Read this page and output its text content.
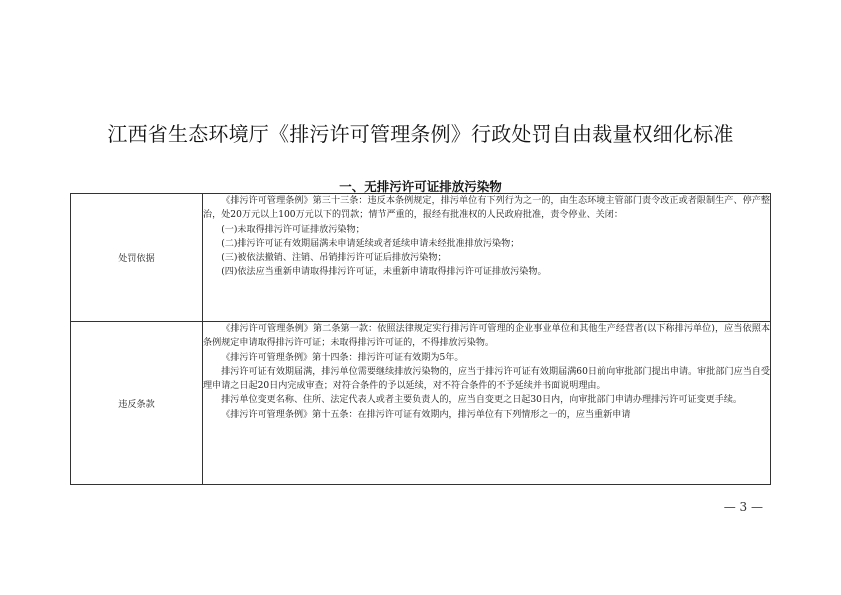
江西省生态环境厅《排污许可管理条例》行政处罚自由裁量权细化标准
一、无排污许可证排放污染物
处罚依据	《排污许可管理条例》第三十三条：违反本条例规定，排污单位有下列行为之一的，由生态环境主管部门责令改正或者限制生产、停产整治，处20万元以上100万元以下的罚款；情节严重的，报经有批准权的人民政府批准，责令停业、关闭：

(一)未取得排污许可证排放污染物；

(二)排污许可证有效期届满未申请延续或者延续申请未经批准排放污染物；

(三)被依法撤销、注销、吊销排污许可证后排放污染物；

(四)依法应当重新申请取得排污许可证，未重新申请取得排污许可证排放污染物。

违反条款	《排污许可管理条例》第二条第一款：依照法律规定实行排污许可管理的企业事业单位和其他生产经营者(以下称排污单位)，应当依照本条例规定申请取得排污许可证；未取得排污许可证的，不得排放污染物。

《排污许可管理条例》第十四条：排污许可证有效期为5年。

排污许可证有效期届满，排污单位需要继续排放污染物的，应当于排污许可证有效期届满60日前向审批部门提出申请。审批部门应当自受理申请之日起20日内完成审查；对符合条件的予以延续，对不符合条件的不予延续并书面说明理由。

排污单位变更名称、住所、法定代表人或者主要负责人的，应当自变更之日起30日内，向审批部门申请办理排污许可证变更手续。

《排污许可管理条例》第十五条：在排污许可证有效期内，排污单位有下列情形之一的，应当重新申请

— 3 —
